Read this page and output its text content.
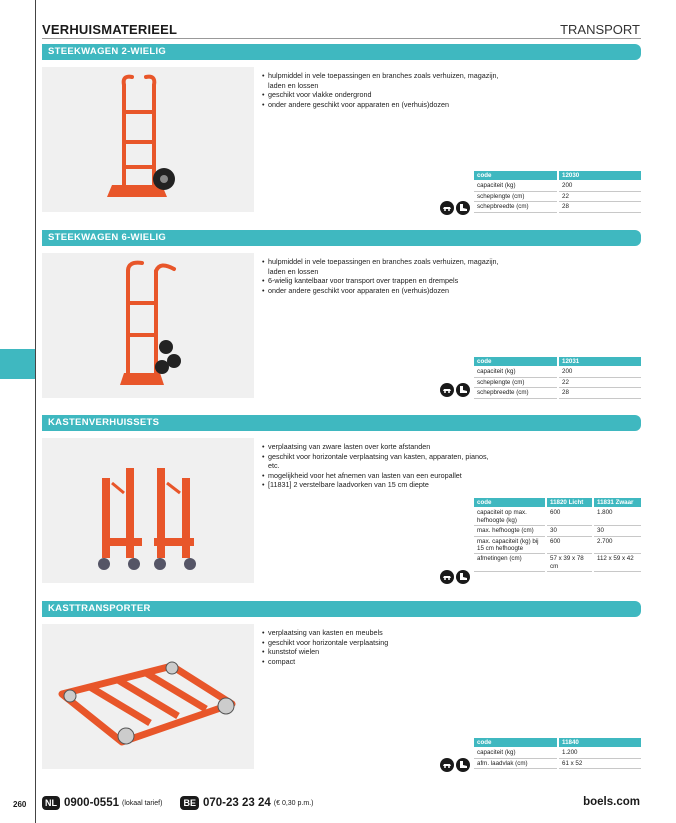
VERHUISMATERIEEL	TRANSPORT
STEEKWAGEN 2-WIELIG
• hulpmiddel in vele toepassingen en branches zoals verhuizen, magazijn, laden en lossen
• geschikt voor vlakke ondergrond
• onder andere geschikt voor apparaten en (verhuis)dozen
code	12030
capaciteit (kg)	200
scheplengte (cm)	22
schepbreedte (cm)	28
STEEKWAGEN 6-WIELIG
• hulpmiddel in vele toepassingen en branches zoals verhuizen, magazijn, laden en lossen
• 6-wielig kantelbaar voor transport over trappen en drempels
• onder andere geschikt voor apparaten en (verhuis)dozen
code	12031
capaciteit (kg)	200
scheplengte (cm)	22
schepbreedte (cm)	28
KASTENVERHUISSETS
• verplaatsing van zware lasten over korte afstanden
• geschikt voor horizontale verplaatsing van kasten, apparaten, pianos, etc.
• mogelijkheid voor het afnemen van lasten van een europallet
• [11831] 2 verstelbare laadvorken van 15 cm diepte
code	11820 Licht	11831 Zwaar
capaciteit op max. hefhoogte (kg)	600	1.800
max. hefhoogte (cm)	30	30
max. capaciteit (kg) bij 15 cm hefhoogte	600	2.700
afmetingen (cm)	57 x 39 x 78 cm	112 x 59 x 42
KASTTRANSPORTER
• verplaatsing van kasten en meubels
• geschikt voor horizontale verplaatsing
• kunststof wielen
• compact
code	11840
capaciteit (kg)	1.200
afm. laadvlak (cm)	61 x 52
260	NL 0900-0551 (lokaal tarief)	BE 070-23 23 24 (€ 0,30 p.m.)	boels.com
